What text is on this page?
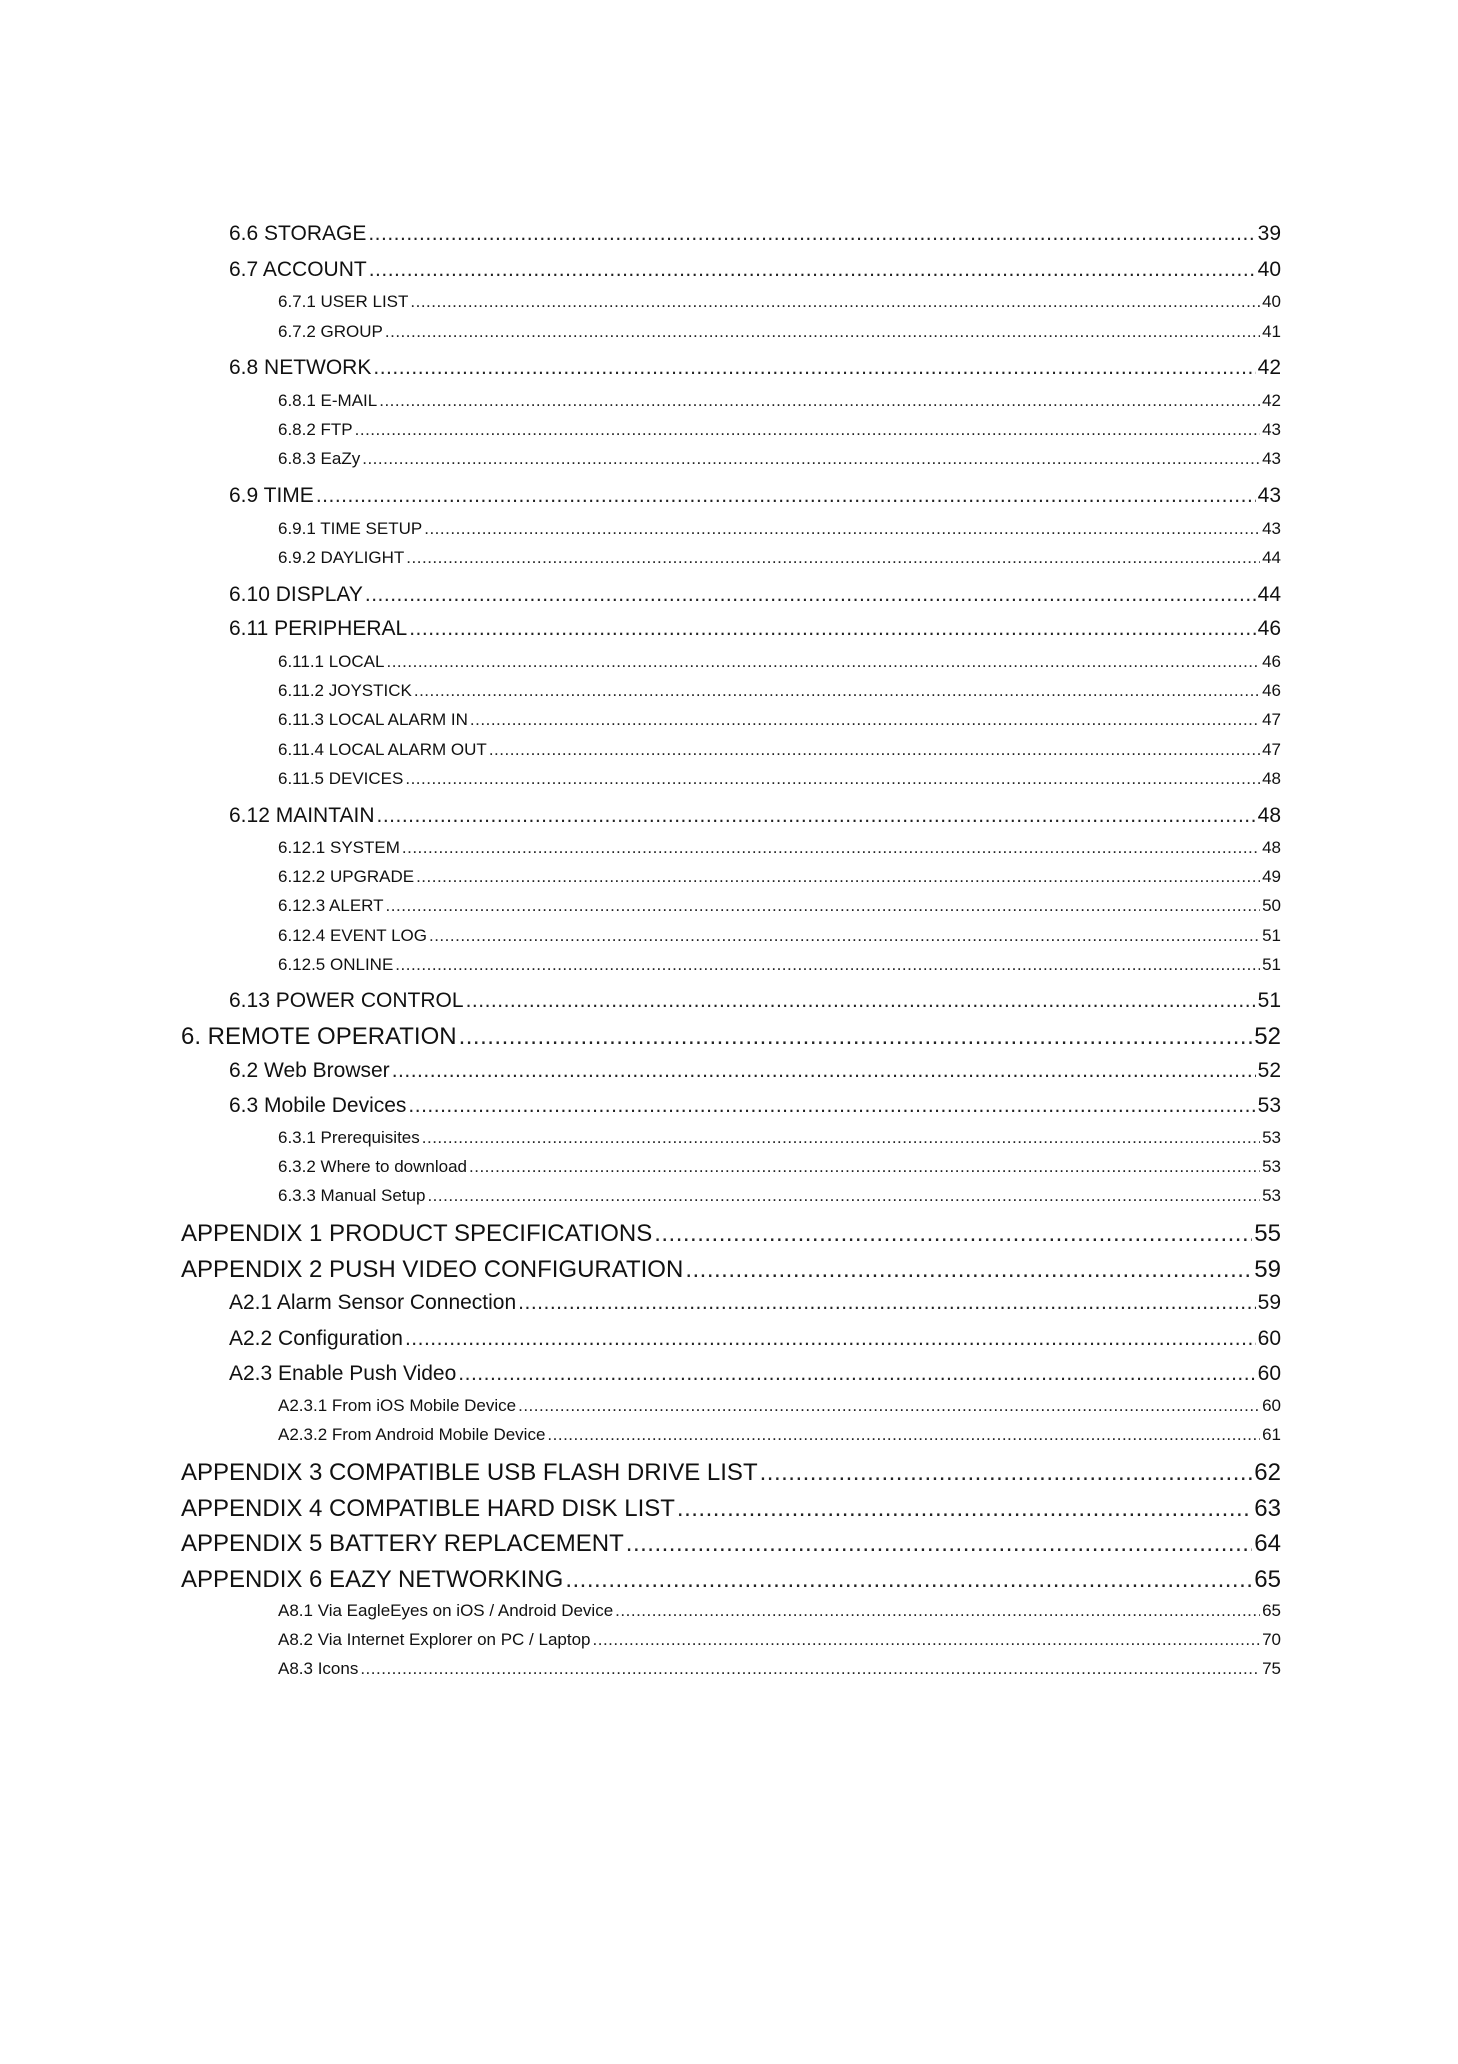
6.6 STORAGE .....	39
6.7 ACCOUNT .....	40
6.7.1 USER LIST .....	40
6.7.2 GROUP .....	41
6.8 NETWORK .....	42
6.8.1 E-MAIL .....	42
6.8.2 FTP .....	43
6.8.3 EaZy .....	43
6.9 TIME .....	43
6.9.1 TIME SETUP .....	43
6.9.2 DAYLIGHT .....	44
6.10 DISPLAY .....	44
6.11 PERIPHERAL .....	46
6.11.1 LOCAL .....	46
6.11.2 JOYSTICK .....	46
6.11.3 LOCAL ALARM IN .....	47
6.11.4 LOCAL ALARM OUT .....	47
6.11.5 DEVICES .....	48
6.12 MAINTAIN .....	48
6.12.1 SYSTEM .....	48
6.12.2 UPGRADE .....	49
6.12.3 ALERT .....	50
6.12.4 EVENT LOG .....	51
6.12.5 ONLINE .....	51
6.13 POWER CONTROL .....	51
6. REMOTE OPERATION .....	52
6.2 Web Browser .....	52
6.3 Mobile Devices .....	53
6.3.1 Prerequisites .....	53
6.3.2 Where to download .....	53
6.3.3 Manual Setup .....	53
APPENDIX 1 PRODUCT SPECIFICATIONS .....	55
APPENDIX 2 PUSH VIDEO CONFIGURATION .....	59
A2.1 Alarm Sensor Connection .....	59
A2.2 Configuration .....	60
A2.3 Enable Push Video .....	60
A2.3.1 From iOS Mobile Device .....	60
A2.3.2 From Android Mobile Device .....	61
APPENDIX 3 COMPATIBLE USB FLASH DRIVE LIST .....	62
APPENDIX 4 COMPATIBLE HARD DISK LIST .....	63
APPENDIX 5 BATTERY REPLACEMENT .....	64
APPENDIX 6 EAZY NETWORKING .....	65
A8.1 Via EagleEyes on iOS / Android Device .....	65
A8.2 Via Internet Explorer on PC / Laptop .....	70
A8.3 Icons .....	75
